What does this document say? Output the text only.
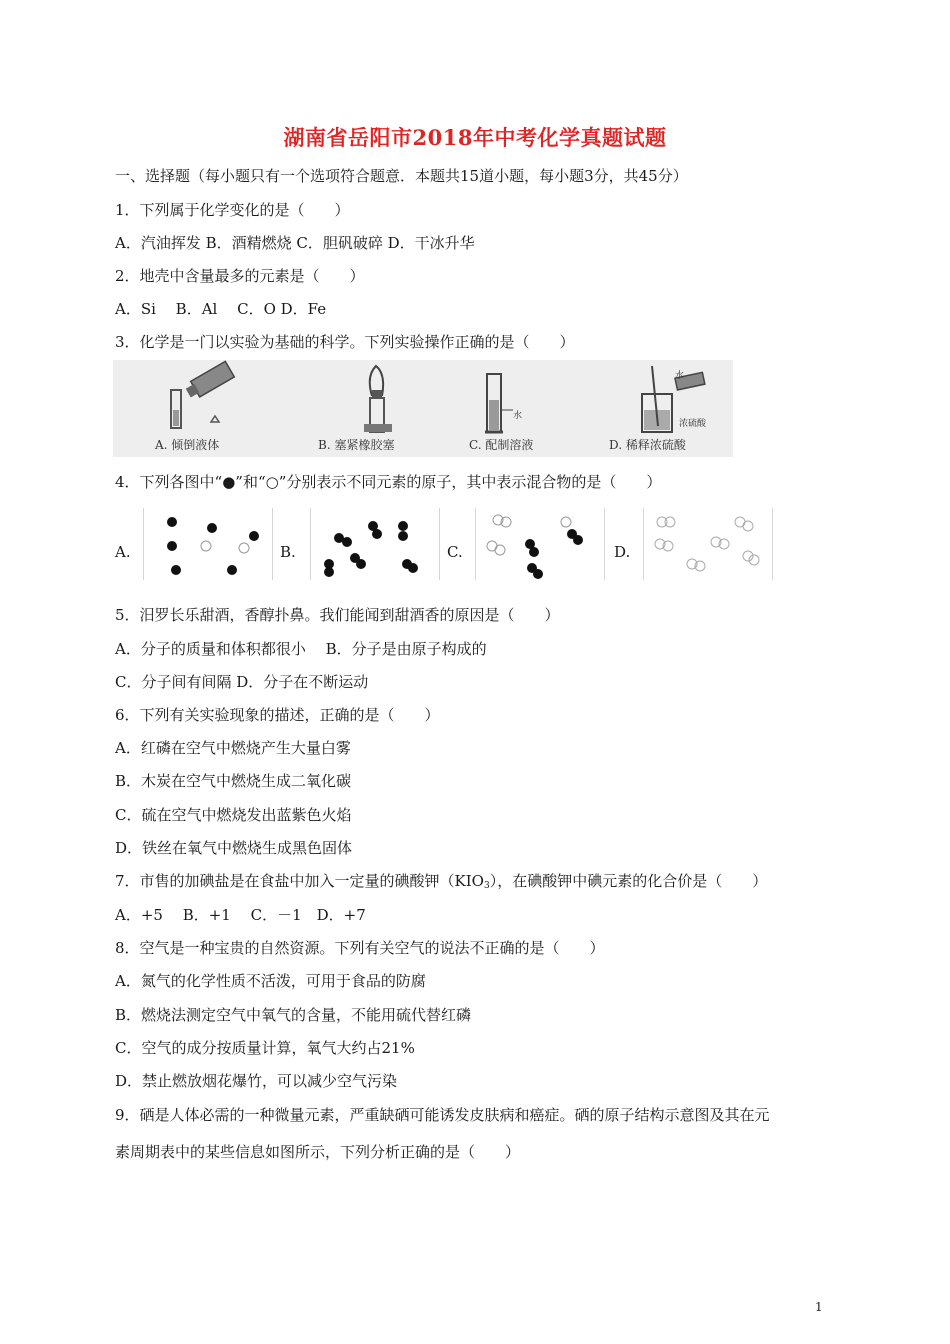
湖南省岳阳市2018年中考化学真题试题
一、选择题（每小题只有一个选项符合题意．本题共15道小题，每小题3分，共45分）
1．下列属于化学变化的是（　　）
A．汽油挥发 B．酒精燃烧 C．胆矾破碎 D．干冰升华
2．地壳中含量最多的元素是（　　）
A．Si　 B．Al　 C．O D．Fe
3．化学是一门以实验为基础的科学。下列实验操作正确的是（　　）
A. 倾倒液体	B. 塞紧橡胶塞
水
C. 配制溶液
水
浓硫酸
D. 稀释浓硫酸
4．下列各图中“●”和“○”分别表示不同元素的原子，其中表示混合物的是（　　）
A.	B.	C.	D.
5．汨罗长乐甜酒，香醇扑鼻。我们能闻到甜酒香的原因是（　　）
A．分子的质量和体积都很小　 B．分子是由原子构成的
C．分子间有间隔 D．分子在不断运动
6．下列有关实验现象的描述，正确的是（　　）
A．红磷在空气中燃烧产生大量白雾
B．木炭在空气中燃烧生成二氧化碳
C．硫在空气中燃烧发出蓝紫色火焰
D．铁丝在氧气中燃烧生成黑色固体
7．市售的加碘盐是在食盐中加入一定量的碘酸钾$(KIO_3)$，在碘酸钾中碘元素的化合价是（　　）
A．+5　 B．+1　 C．－1　D．+7
8．空气是一种宝贵的自然资源。下列有关空气的说法不正确的是（　　）
A．氮气的化学性质不活泼，可用于食品的防腐
B．燃烧法测定空气中氧气的含量，不能用硫代替红磷
C．空气的成分按质量计算，氧气大约占21%
D．禁止燃放烟花爆竹，可以减少空气污染
9．硒是人体必需的一种微量元素，严重缺硒可能诱发皮肤病和癌症。硒的原子结构示意图及其在元
素周期表中的某些信息如图所示，下列分析正确的是（　　）
1
